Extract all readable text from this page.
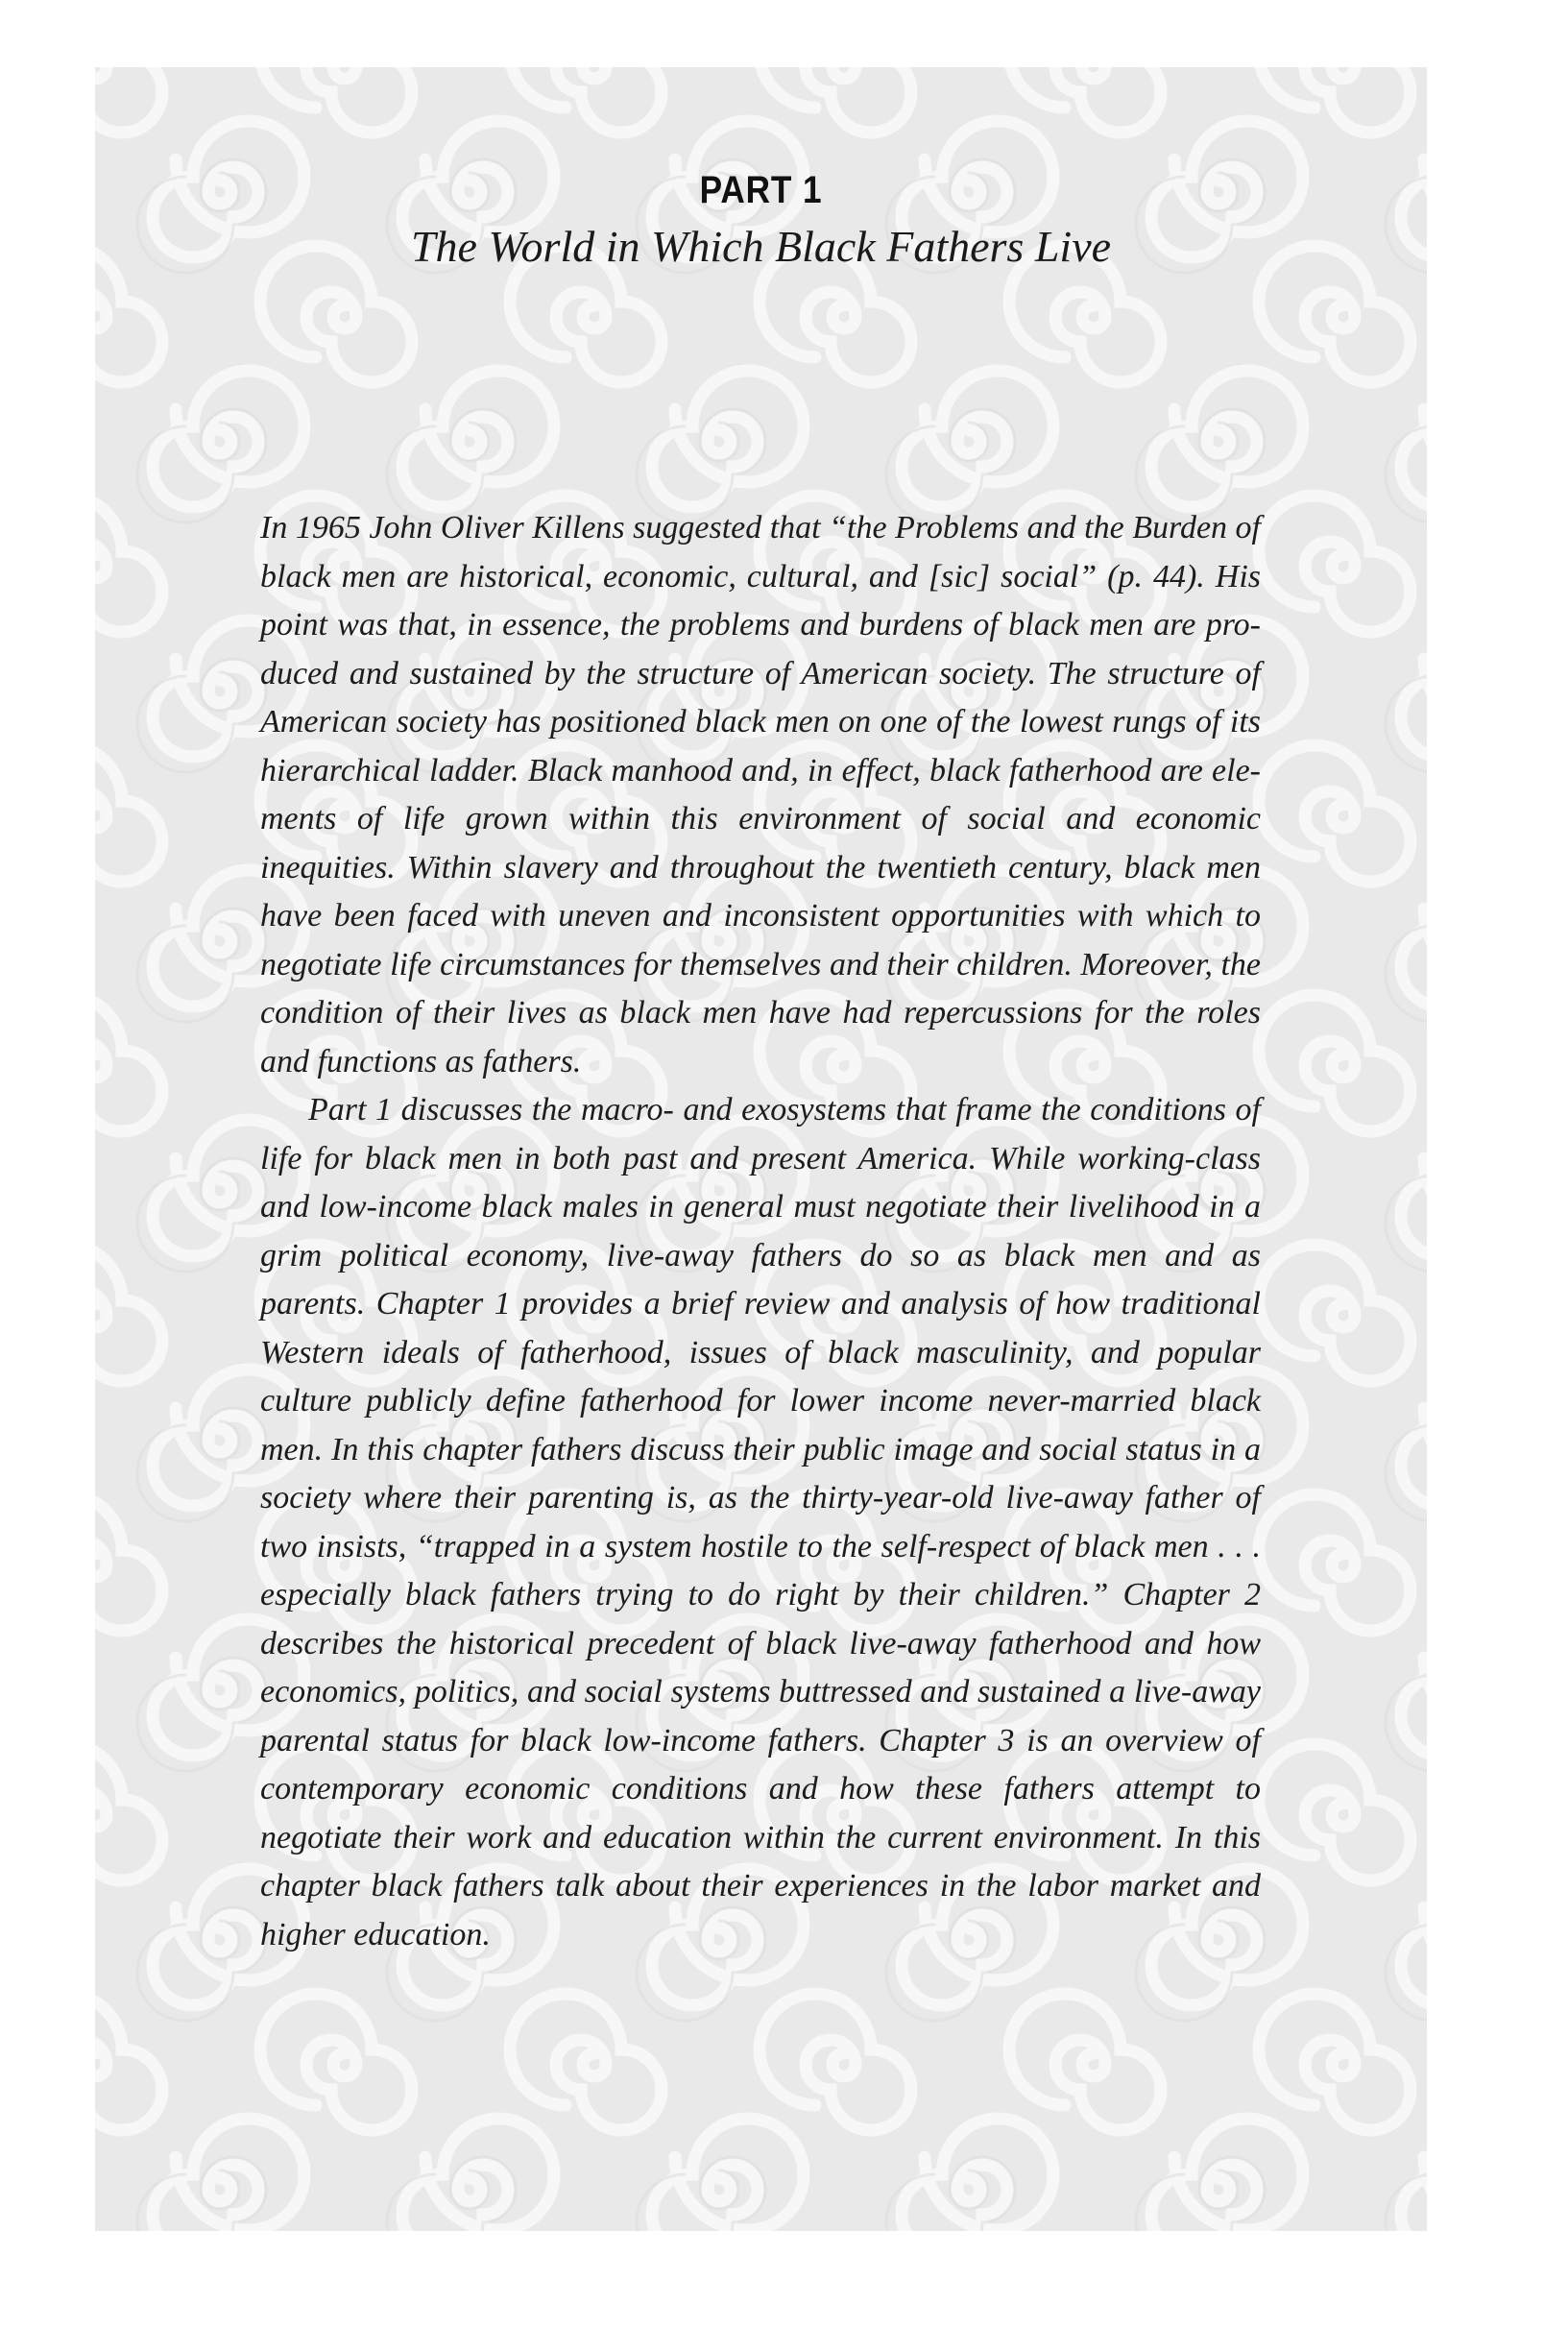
PART 1
The World in Which Black Fathers Live

In 1965 John Oliver Killens suggested that “the Problems and the Burden of black men are historical, economic, cultural, and [sic] social” (p. 44). His point was that, in essence, the problems and burdens of black men are produced and sustained by the structure of American society. The structure of American society has positioned black men on one of the lowest rungs of its hierarchical ladder. Black manhood and, in effect, black fatherhood are elements of life grown within this environment of social and economic inequities. Within slavery and throughout the twentieth century, black men have been faced with uneven and inconsistent opportunities with which to negotiate life circumstances for themselves and their children. Moreover, the condition of their lives as black men have had repercussions for the roles and functions as fathers.

Part 1 discusses the macro- and exosystems that frame the conditions of life for black men in both past and present America. While working-class and low-income black males in general must negotiate their livelihood in a grim political economy, live-away fathers do so as black men and as parents. Chapter 1 provides a brief review and analysis of how traditional Western ideals of fatherhood, issues of black masculinity, and popular culture publicly define fatherhood for lower income never-married black men. In this chapter fathers discuss their public image and social status in a society where their parenting is, as the thirty-year-old live-away father of two insists, “trapped in a system hostile to the self-respect of black men . . . especially black fathers trying to do right by their children.” Chapter 2 describes the historical precedent of black live-away fatherhood and how economics, politics, and social systems buttressed and sustained a live-away parental status for black low-income fathers. Chapter 3 is an overview of contemporary economic conditions and how these fathers attempt to negotiate their work and education within the current environment. In this chapter black fathers talk about their experiences in the labor market and higher education.
